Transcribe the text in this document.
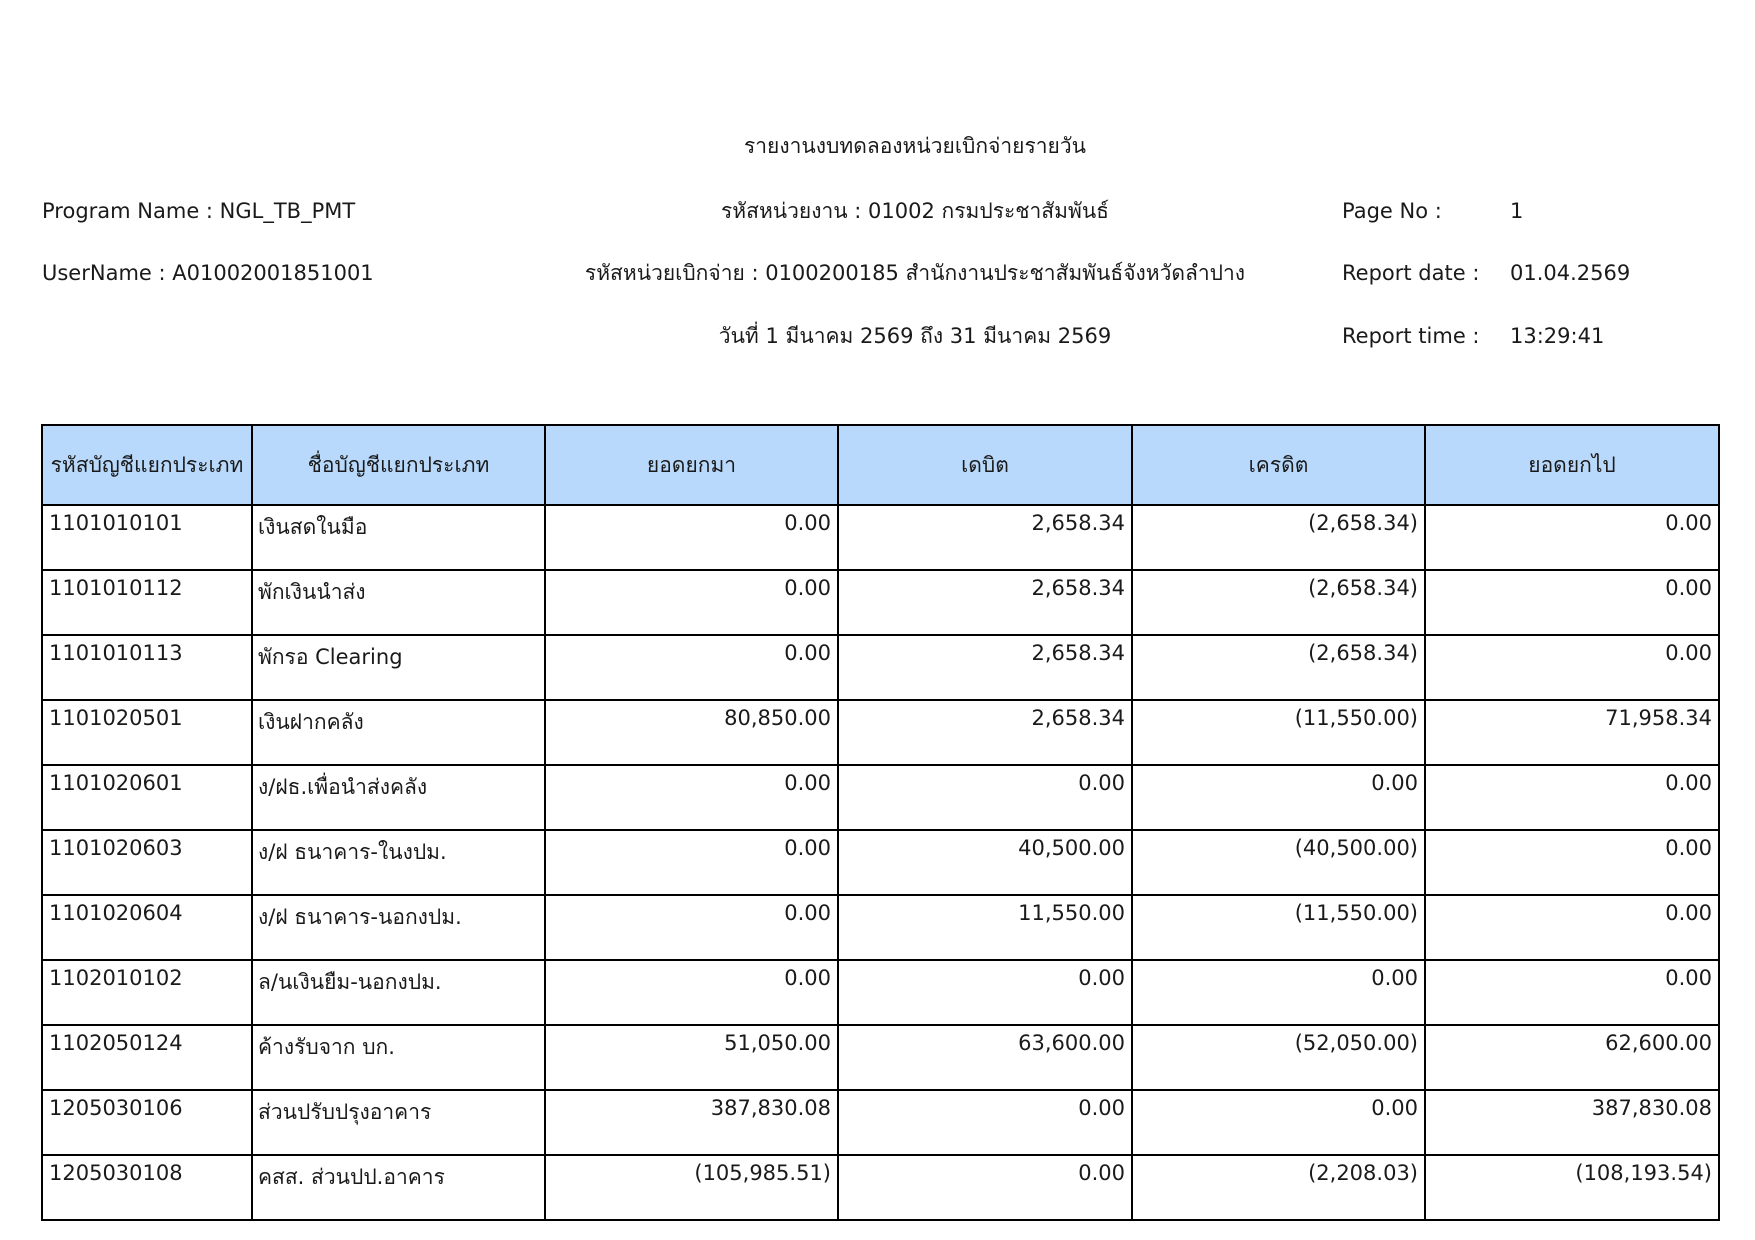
รายงานงบทดลองหน่วยเบิกจ่ายรายวัน
Program Name : NGL_TB_PMT	รหัสหน่วยงาน : 01002 กรมประชาสัมพันธ์	Page No :	1
UserName : A01002001851001	รหัสหน่วยเบิกจ่าย : 0100200185 สำนักงานประชาสัมพันธ์จังหวัดลำปาง	Report date : 01.04.2569
วันที่ 1 มีนาคม 2569 ถึง 31 มีนาคม 2569	Report time : 13:29:41
รหัสบัญชีแยกประเภท	ชื่อบัญชีแยกประเภท	ยอดยกมา	เดบิต	เครดิต	ยอดยกไป
1101010101	เงินสดในมือ	0.00	2,658.34	(2,658.34)	0.00
1101010112	พักเงินนำส่ง	0.00	2,658.34	(2,658.34)	0.00
1101010113	พักรอ Clearing	0.00	2,658.34	(2,658.34)	0.00
1101020501	เงินฝากคลัง	80,850.00	2,658.34	(11,550.00)	71,958.34
1101020601	ง/ฝธ.เพื่อนำส่งคลัง	0.00	0.00	0.00	0.00
1101020603	ง/ฝ ธนาคาร-ในงปม.	0.00	40,500.00	(40,500.00)	0.00
1101020604	ง/ฝ ธนาคาร-นอกงปม.	0.00	11,550.00	(11,550.00)	0.00
1102010102	ล/นเงินยืม-นอกงปม.	0.00	0.00	0.00	0.00
1102050124	ค้างรับจาก บก.	51,050.00	63,600.00	(52,050.00)	62,600.00
1205030106	ส่วนปรับปรุงอาคาร	387,830.08	0.00	0.00	387,830.08
1205030108	คสส. ส่วนปป.อาคาร	(105,985.51)	0.00	(2,208.03)	(108,193.54)
